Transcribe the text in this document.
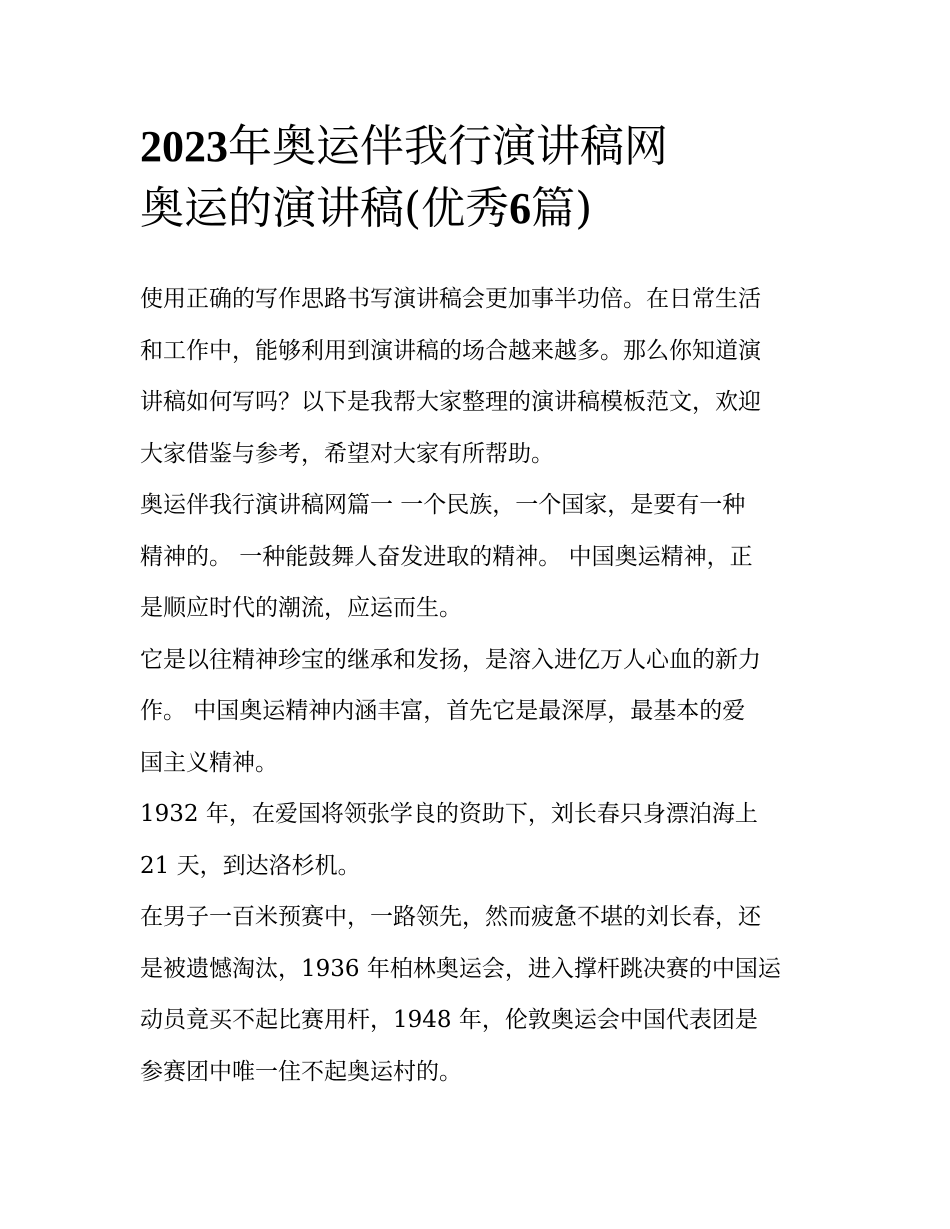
2023年奥运伴我行演讲稿网
奥运的演讲稿(优秀6篇)

使用正确的写作思路书写演讲稿会更加事半功倍。在日常生活
和工作中，能够利用到演讲稿的场合越来越多。那么你知道演
讲稿如何写吗？以下是我帮大家整理的演讲稿模板范文，欢迎
大家借鉴与参考，希望对大家有所帮助。

奥运伴我行演讲稿网篇一 一个民族，一个国家，是要有一种
精神的。 一种能鼓舞人奋发进取的精神。 中国奥运精神，正
是顺应时代的潮流，应运而生。

它是以往精神珍宝的继承和发扬，是溶入进亿万人心血的新力
作。 中国奥运精神内涵丰富，首先它是最深厚，最基本的爱
国主义精神。

1932 年，在爱国将领张学良的资助下，刘长春只身漂泊海上
21 天，到达洛杉机。

在男子一百米预赛中，一路领先，然而疲惫不堪的刘长春，还
是被遗憾淘汰，1936 年柏林奥运会，进入撑杆跳决赛的中国运
动员竟买不起比赛用杆，1948 年，伦敦奥运会中国代表团是
参赛团中唯一住不起奥运村的。
